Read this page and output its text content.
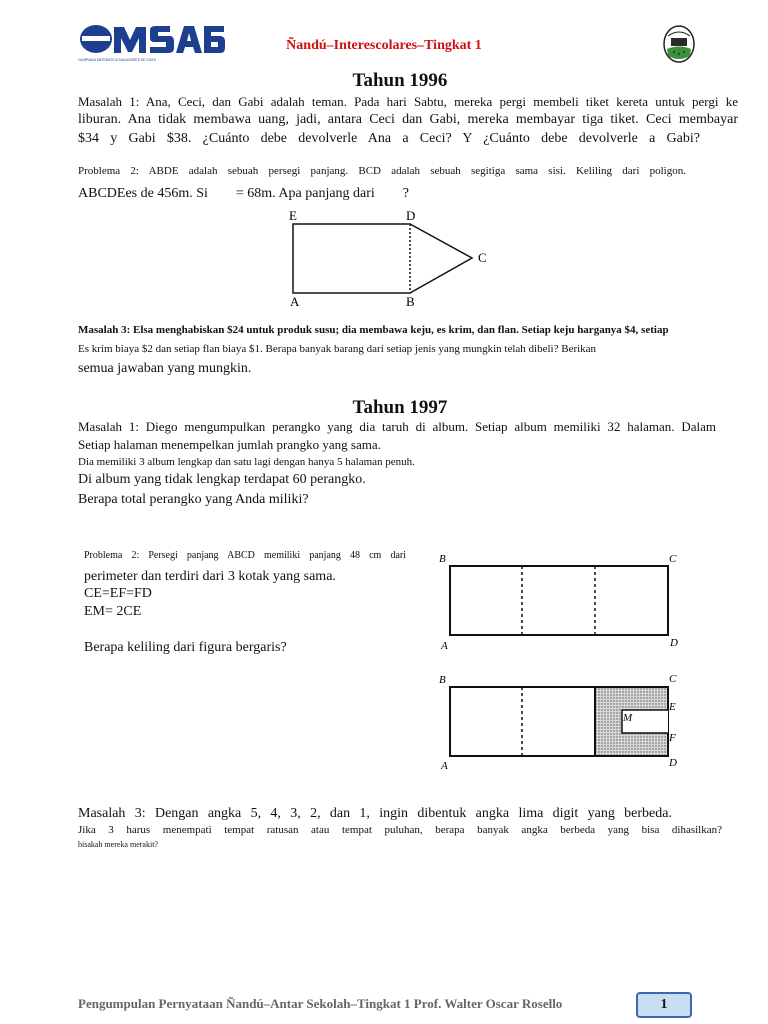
OLIMPIADA MATEMATICA SAN ANDRES DE GILES
Ñandú–Interescolares–Tingkat 1
Tahun 1996
Masalah 1: Ana, Ceci, dan Gabi adalah teman. Pada hari Sabtu, mereka pergi membeli tiket kereta untuk pergi ke
liburan. Ana tidak membawa uang, jadi, antara Ceci dan Gabi, mereka membayar tiga tiket. Ceci membayar
$34 y Gabi $38. ¿Cuánto debe devolverle Ana a Ceci? Y ¿Cuánto debe devolverle a Gabi?
Problema 2: ABDE adalah sebuah persegi panjang. BCD adalah sebuah segitiga sama sisi. Keliling dari poligon.
ABCDEes de 456m. Si        = 68m. Apa panjang dari        ?
E	D
C
A	B
Masalah 3: Elsa menghabiskan $24 untuk produk susu; dia membawa keju, es krim, dan flan. Setiap keju harganya $4, setiap
Es krim biaya $2 dan setiap flan biaya $1. Berapa banyak barang dari setiap jenis yang mungkin telah dibeli? Berikan
semua jawaban yang mungkin.
Tahun 1997
Masalah 1: Diego mengumpulkan perangko yang dia taruh di album. Setiap album memiliki 32 halaman. Dalam
Setiap halaman menempelkan jumlah prangko yang sama.
Dia memiliki 3 album lengkap dan satu lagi dengan hanya 5 halaman penuh.
Di album yang tidak lengkap terdapat 60 perangko.
Berapa total perangko yang Anda miliki?
Problema 2: Persegi panjang ABCD memiliki panjang 48 cm dari
perimeter dan terdiri dari 3 kotak yang sama.
CE=EF=FD
EM= 2CE
Berapa keliling dari figura bergaris?
B	C
A	D
B	C
E
M
F
A	D
Masalah 3: Dengan angka 5, 4, 3, 2, dan 1, ingin dibentuk angka lima digit yang berbeda.
Jika 3 harus menempati tempat ratusan atau tempat puluhan, berapa banyak angka berbeda yang bisa dihasilkan?
bisakah mereka merakit?
Pengumpulan Pernyataan Ñandú–Antar Sekolah–Tingkat 1 Prof. Walter Oscar Rosello	1
